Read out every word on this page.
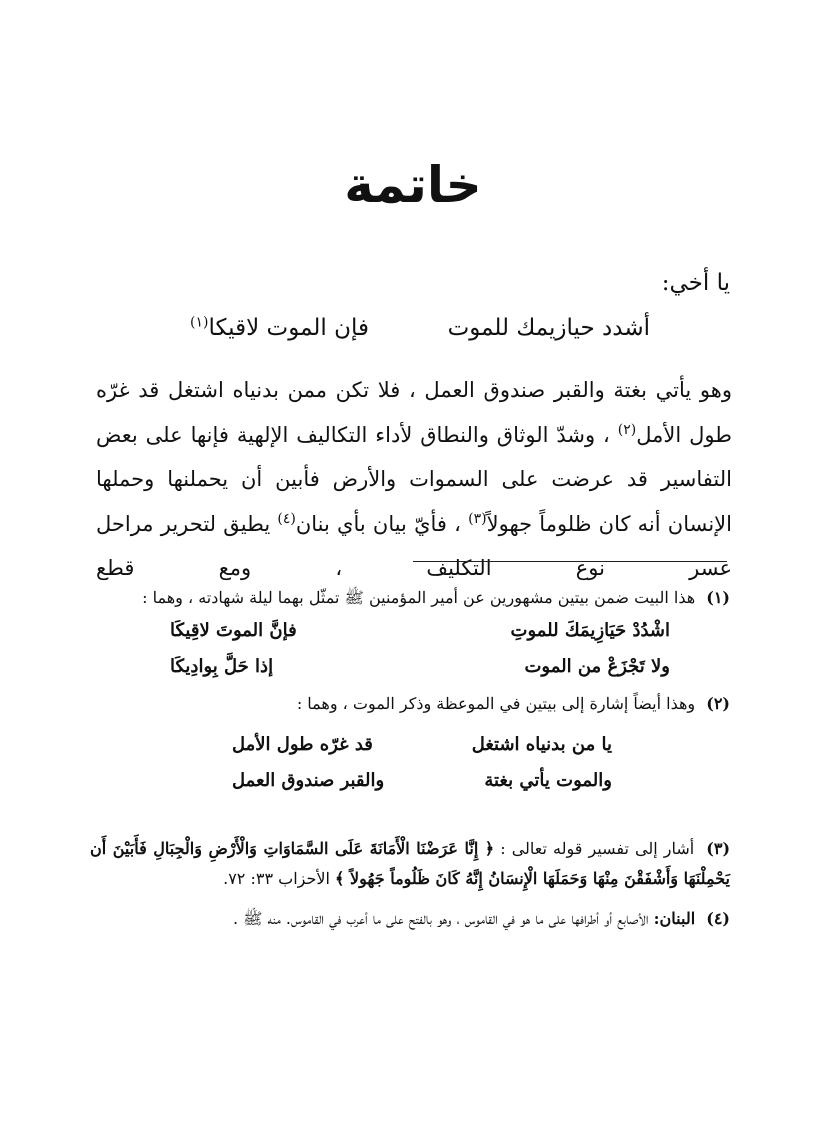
خاتمة
يا أخي:
أشدد حيازيمك للموت
فإن الموت لاقيكا$^{(١)}$

وهو يأتي بغتة والقبر صندوق العمل ، فلا تكن ممن بدنياه اشتغل قد غرّه طول الأمل$^{(٢)}$ ، وشدّ الوثاق والنطاق لأداء التكاليف الإلهية فإنها على بعض التفاسير قد عرضت على السموات والأرض فأبين أن يحملنها وحملها الإنسان أنه كان ظلوماً جهولاً$^{(٣)}$ ، فأيّ بيان بأي بنان$^{(٤)}$ يطيق لتحرير مراحل عسر نوع التكليف ، ومع قطع

(١) هذا البيت ضمن بيتين مشهورين عن أمير المؤمنين ﷺ تمثّل بهما ليلة شهادته ، وهما :

اشْدُدْ حَيَازِيمَكَ للموتِ
فإنَّ الموتَ لاقِيكَا
ولا تَجْزَعْ من الموت
إذا حَلَّ بِوادِيكَا

(٢) وهذا أيضاً إشارة إلى بيتين في الموعظة وذكر الموت ، وهما :

يا من بدنياه اشتغل
قد غرّه طول الأمل
والموت يأتي بغتة
والقبر صندوق العمل

(٣) أشار إلى تفسير قوله تعالى : ﴿ إِنَّا عَرَضْنَا الْأَمَانَةَ عَلَى السَّمَاوَاتِ وَالْأَرْضِ وَالْجِبَالِ فَأَبَيْنَ أَن يَحْمِلْنَهَا وَأَشْفَقْنَ مِنْهَا وَحَمَلَهَا الْإِنسَانُ إِنَّهُ كَانَ ظَلُوماً جَهُولاً ﴾ الأحزاب ٣٣: ٧٢.

(٤) البنان: الأصابع أو أطرافها على ما هو في القاموس ، وهو بالفتح على ما أعرب في القاموس. منه ﷺ .
